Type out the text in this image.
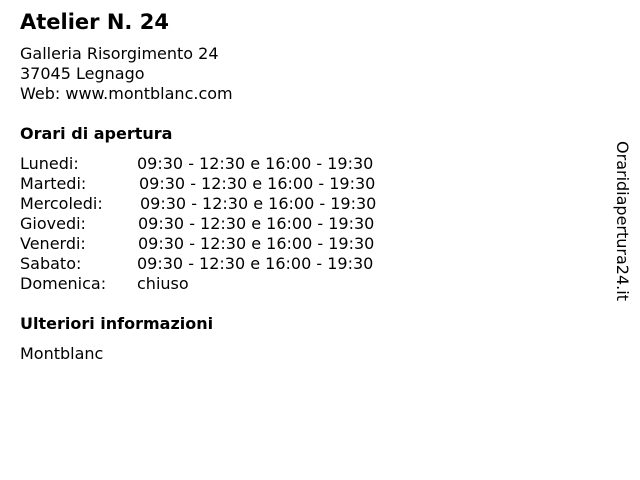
Atelier N. 24
Galleria Risorgimento 24
37045 Legnago
Web: www.montblanc.com
Orari di apertura
Lunedi:	09:30 - 12:30 e 16:00 - 19:30
Martedi:	09:30 - 12:30 e 16:00 - 19:30
Mercoledi:	09:30 - 12:30 e 16:00 - 19:30
Giovedi:	09:30 - 12:30 e 16:00 - 19:30
Venerdi:	09:30 - 12:30 e 16:00 - 19:30
Sabato:	09:30 - 12:30 e 16:00 - 19:30
Domenica:	chiuso
Ulteriori informazioni
Montblanc
Oraridiapertura24.it
